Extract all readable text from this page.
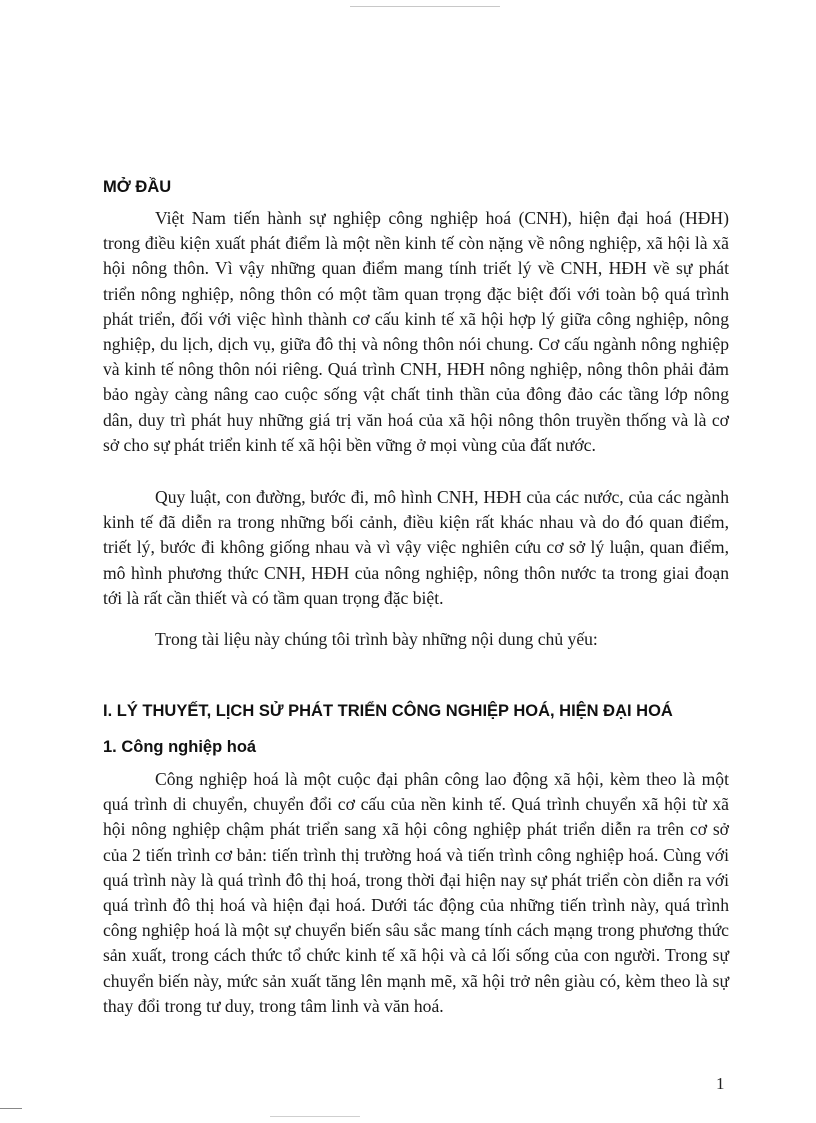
MỞ ĐẦU

Việt Nam tiến hành sự nghiệp công nghiệp hoá (CNH), hiện đại hoá (HĐH) trong điều kiện xuất phát điểm là một nền kinh tế còn nặng về nông nghiệp, xã hội là xã hội nông thôn. Vì vậy những quan điểm mang tính triết lý về CNH, HĐH về sự phát triển nông nghiệp, nông thôn có một tầm quan trọng đặc biệt đối với toàn bộ quá trình phát triển, đối với việc hình thành cơ cấu kinh tế xã hội hợp lý giữa công nghiệp, nông nghiệp, du lịch, dịch vụ, giữa đô thị và nông thôn nói chung. Cơ cấu ngành nông nghiệp và kinh tế nông thôn nói riêng. Quá trình CNH, HĐH nông nghiệp, nông thôn phải đảm bảo ngày càng nâng cao cuộc sống vật chất tinh thần của đông đảo các tầng lớp nông dân, duy trì phát huy những giá trị văn hoá của xã hội nông thôn truyền thống và là cơ sở cho sự phát triển kinh tế xã hội bền vững ở mọi vùng của đất nước.

Quy luật, con đường, bước đi, mô hình CNH, HĐH của các nước, của các ngành kinh tế đã diễn ra trong những bối cảnh, điều kiện rất khác nhau và do đó quan điểm, triết lý, bước đi không giống nhau và vì vậy việc nghiên cứu cơ sở lý luận, quan điểm, mô hình phương thức CNH, HĐH của nông nghiệp, nông thôn nước ta trong giai đoạn tới là rất cần thiết và có tầm quan trọng đặc biệt.

Trong tài liệu này chúng tôi trình bày những nội dung chủ yếu:

I. LÝ THUYẾT, LỊCH SỬ PHÁT TRIỂN CÔNG NGHIỆP HOÁ, HIỆN ĐẠI HOÁ
1. Công nghiệp hoá

Công nghiệp hoá là một cuộc đại phân công lao động xã hội, kèm theo là một quá trình di chuyển, chuyển đổi cơ cấu của nền kinh tế. Quá trình chuyển xã hội từ xã hội nông nghiệp chậm phát triển sang xã hội công nghiệp phát triển diễn ra trên cơ sở của 2 tiến trình cơ bản: tiến trình thị trường hoá và tiến trình công nghiệp hoá. Cùng với quá trình này là quá trình đô thị hoá, trong thời đại hiện nay sự phát triển còn diễn ra với quá trình đô thị hoá và hiện đại hoá. Dưới tác động của những tiến trình này, quá trình công nghiệp hoá là một sự chuyển biến sâu sắc mang tính cách mạng trong phương thức sản xuất, trong cách thức tổ chức kinh tế xã hội và cả lối sống của con người. Trong sự chuyển biến này, mức sản xuất tăng lên mạnh mẽ, xã hội trở nên giàu có, kèm theo là sự thay đổi trong tư duy, trong tâm linh và văn hoá.

1
